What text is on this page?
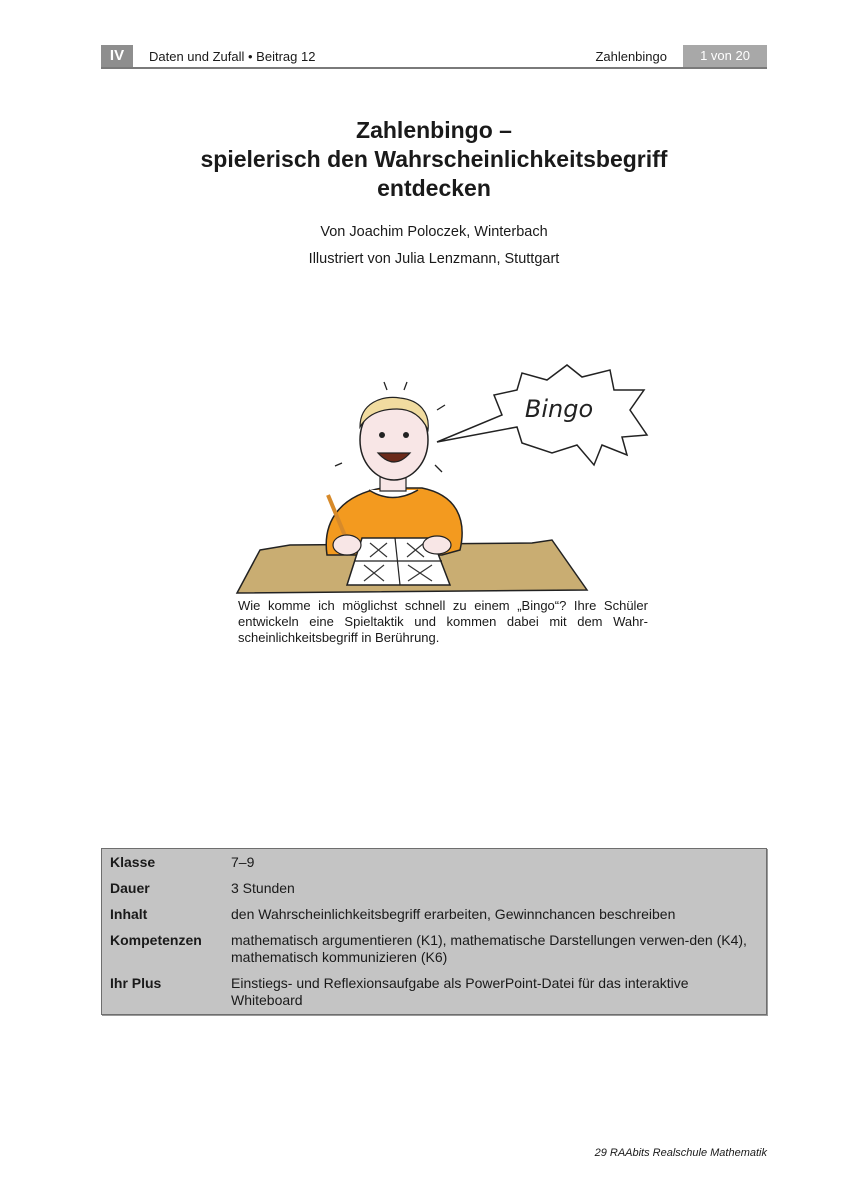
IV	Daten und Zufall • Beitrag 12	Zahlenbingo	1 von 20
Zahlenbingo –
spielerisch den Wahrscheinlichkeitsbegriff
entdecken
Von Joachim Poloczek, Winterbach
Illustriert von Julia Lenzmann, Stuttgart
Bingo
Wie komme ich möglichst schnell zu einem „Bingo“? Ihre Schüler entwickeln eine Spieltaktik und kommen dabei mit dem Wahr-scheinlichkeitsbegriff in Berührung.
Klasse	7–9
Dauer	3 Stunden
Inhalt	den Wahrscheinlichkeitsbegriff erarbeiten, Gewinnchancen beschreiben
Kompetenzen	mathematisch argumentieren (K1), mathematische Darstellungen verwen-den (K4), mathematisch kommunizieren (K6)
Ihr Plus	Einstiegs- und Reflexionsaufgabe als PowerPoint-Datei für das interaktive Whiteboard
29 RAAbits Realschule Mathematik
